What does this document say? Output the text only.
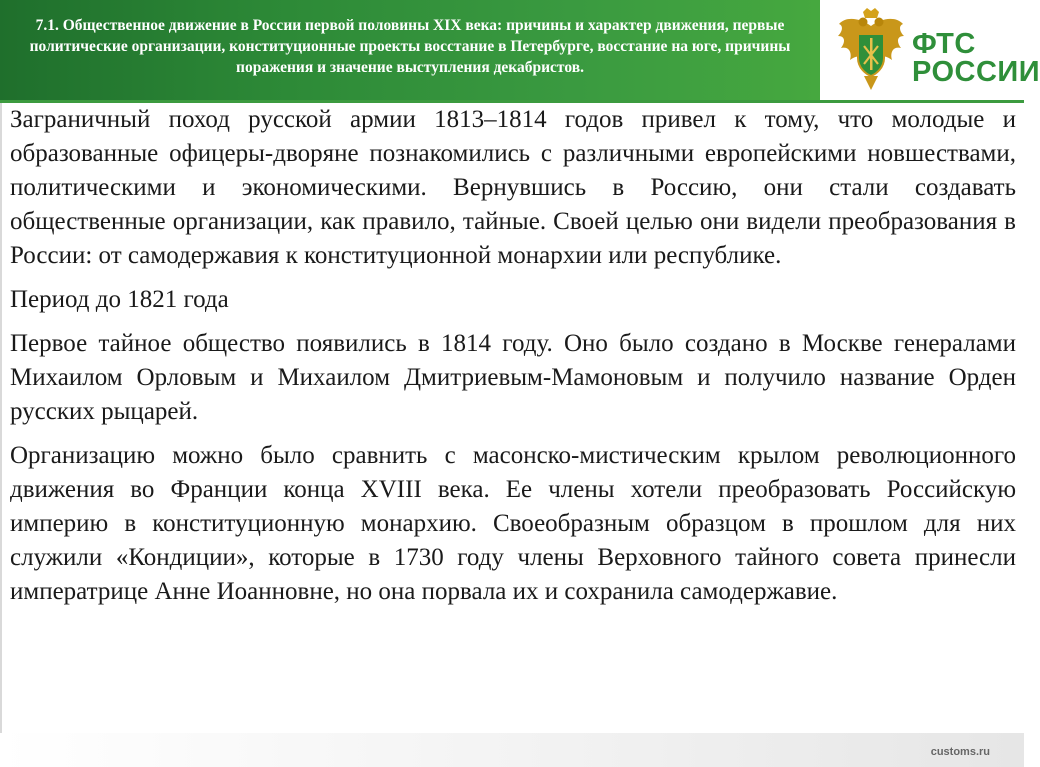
7.1. Общественное движение в России первой половины XIX века: причины и характер движения, первые политические организации, конституционные проекты восстание в Петербурге, восстание на юге, причины поражения и значение выступления декабристов.
ФТС
РОССИИ

Заграничный поход русской армии 1813–1814 годов привел к тому, что молодые и образованные офицеры-дворяне познакомились с различными европейскими новшествами, политическими и экономическими. Вернувшись в Россию, они стали создавать общественные организации, как правило, тайные. Своей целью они видели преобразования в России: от самодержавия к конституционной монархии или республике.

Период до 1821 года

Первое тайное общество появились в 1814 году. Оно было создано в Москве генералами Михаилом Орловым и Михаилом Дмитриевым-Мамоновым и получило название Орден русских рыцарей.

Организацию можно было сравнить с масонско-мистическим крылом революционного движения во Франции конца XVIII века. Ее члены хотели преобразовать Российскую империю в конституционную монархию. Своеобразным образцом в прошлом для них служили «Кондиции», которые в 1730 году члены Верховного тайного совета принесли императрице Анне Иоанновне, но она порвала их и сохранила самодержавие.

customs.ru
